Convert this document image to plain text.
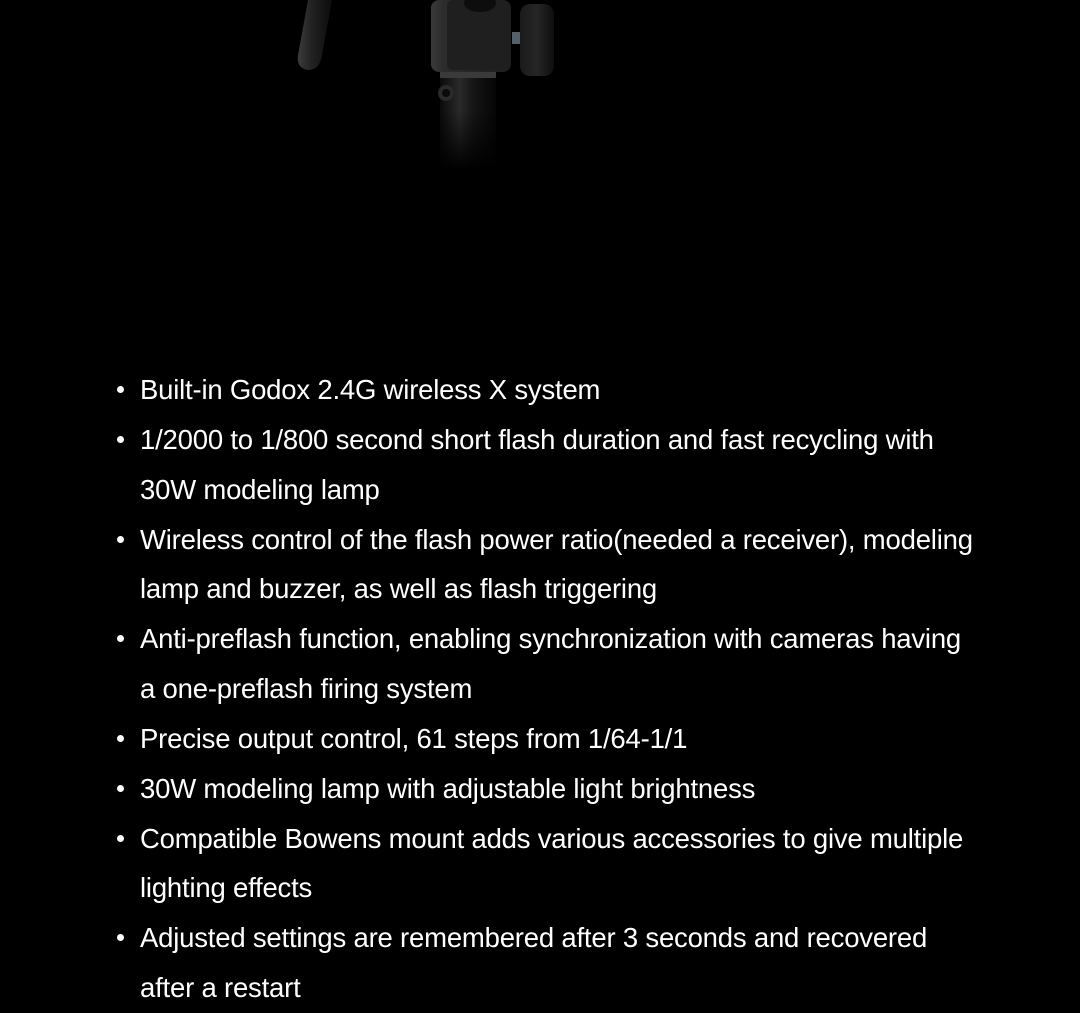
Built-in Godox 2.4G wireless X system
1/2000 to 1/800 second short flash duration and fast recycling with 30W modeling lamp
Wireless control of the flash power ratio(needed a receiver), modeling lamp and buzzer, as well as flash triggering
Anti-preflash function, enabling synchronization with cameras having a one-preflash firing system
Precise output control, 61 steps from 1/64-1/1
30W modeling lamp with adjustable light brightness
Compatible Bowens mount adds various accessories to give multiple lighting effects
Adjusted settings are remembered after 3 seconds and recovered after a restart
